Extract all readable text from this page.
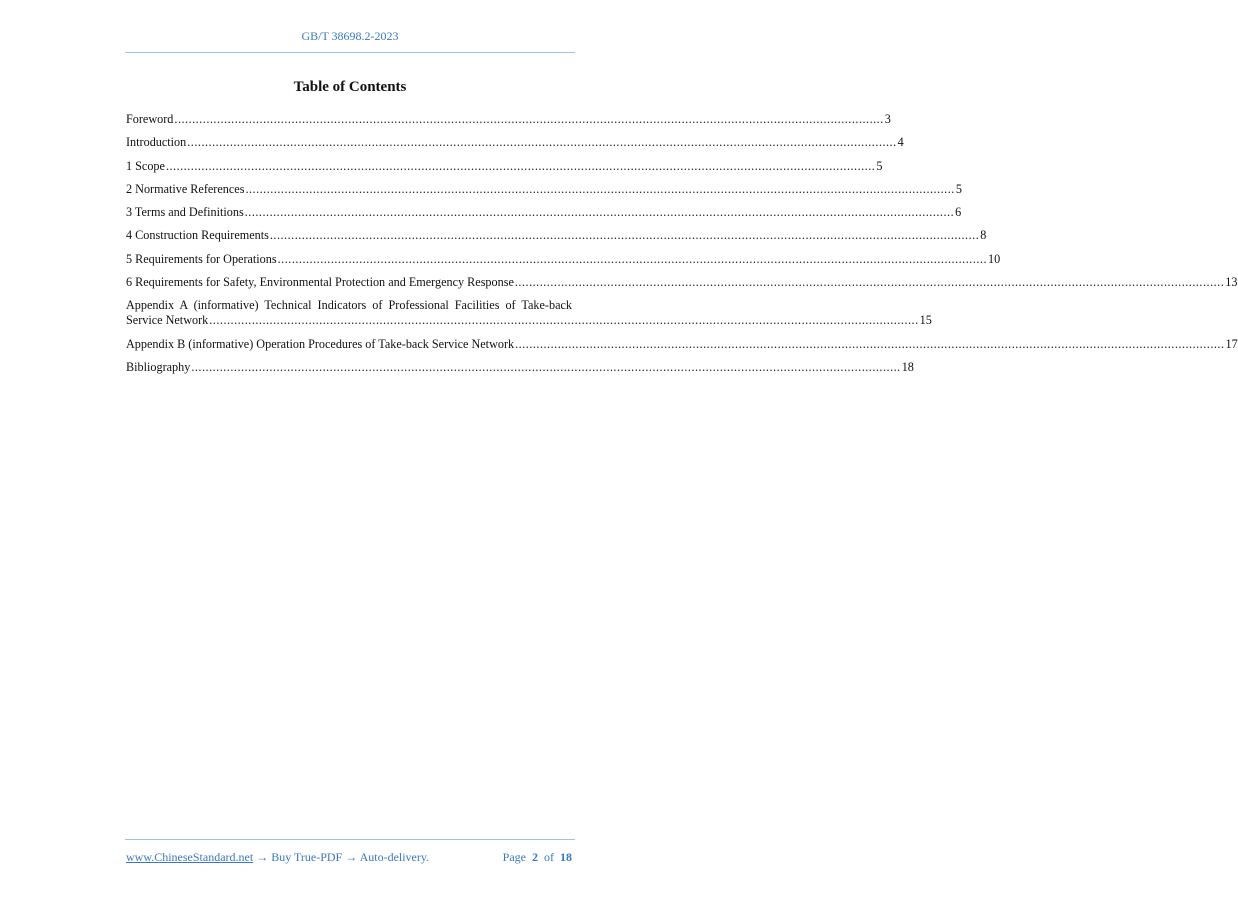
GB/T 38698.2-2023
Table of Contents
Foreword ........................................................................................................................................................................................................ 3
Introduction ........................................................................................................................................................................................................ 4
1 Scope ........................................................................................................................................................................................................ 5
2 Normative References ........................................................................................................................................................................................................ 5
3 Terms and Definitions ........................................................................................................................................................................................................ 6
4 Construction Requirements ........................................................................................................................................................................................................ 8
5 Requirements for Operations ........................................................................................................................................................................................................ 10
6 Requirements for Safety, Environmental Protection and Emergency Response ........................................................................................................................................................................................................ 13
Appendix A (informative) Technical Indicators of Professional Facilities of Take-back
Service Network ........................................................................................................................................................................................................ 15
Appendix B (informative) Operation Procedures of Take-back Service Network ........................................................................................................................................................................................................ 17
Bibliography ........................................................................................................................................................................................................ 18
www.ChineseStandard.net → Buy True-PDF → Auto-delivery.	Page 2 of 18
